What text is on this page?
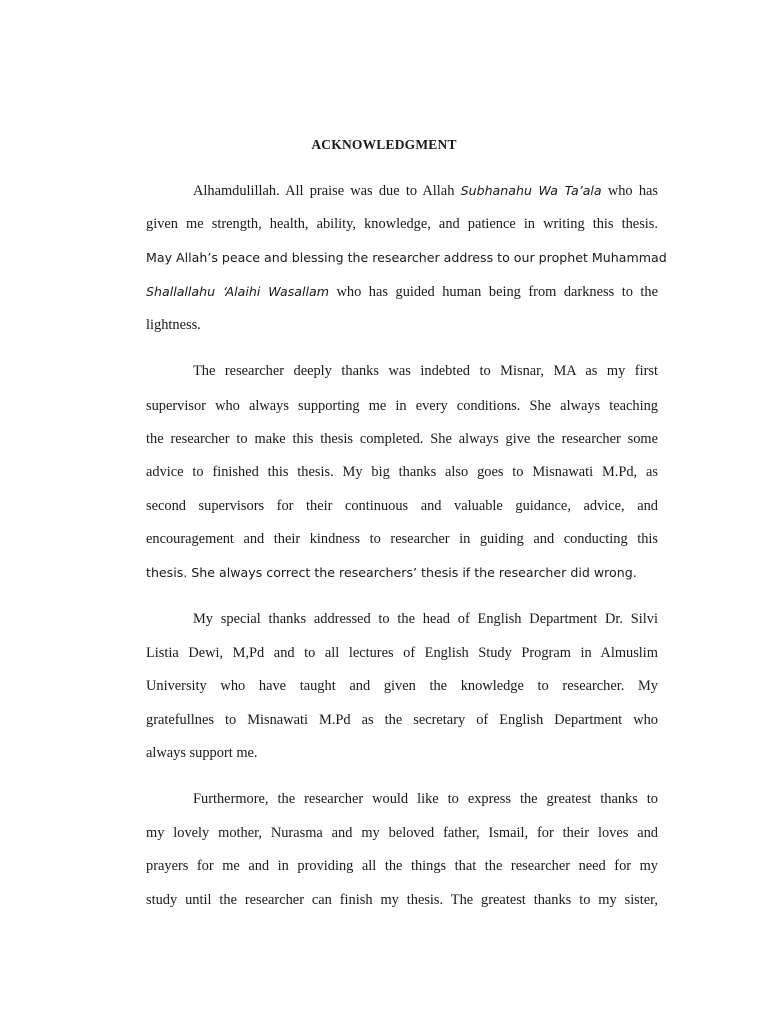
ACKNOWLEDGMENT
Alhamdulillah. All praise was due to Allah Subhanahu Wa Ta’ala who has
given me strength, health, ability, knowledge, and patience in writing this thesis.
May Allah’s peace and blessing the researcher address to our prophet Muhammad
Shallallahu ‘Alaihi Wasallam who has guided human being from darkness to the
lightness.
The researcher deeply thanks was indebted to Misnar, MA as my first
supervisor who always supporting me in every conditions. She always teaching
the researcher to make this thesis completed. She always give the researcher some
advice to finished this thesis. My big thanks also goes to Misnawati M.Pd, as
second supervisors for their continuous and valuable guidance, advice, and
encouragement and their kindness to researcher in guiding and conducting this
thesis. She always correct the researchers’ thesis if the researcher did wrong.
My special thanks addressed to the head of English Department Dr. Silvi
Listia Dewi, M,Pd and to all lectures of English Study Program in Almuslim
University who have taught and given the knowledge to researcher. My
gratefullnes to Misnawati M.Pd as the secretary of English Department who
always support me.
Furthermore, the researcher would like to express the greatest thanks to
my lovely mother, Nurasma and my beloved father, Ismail, for their loves and
prayers for me and in providing all the things that the researcher need for my
study until the researcher can finish my thesis. The greatest thanks to my sister,
